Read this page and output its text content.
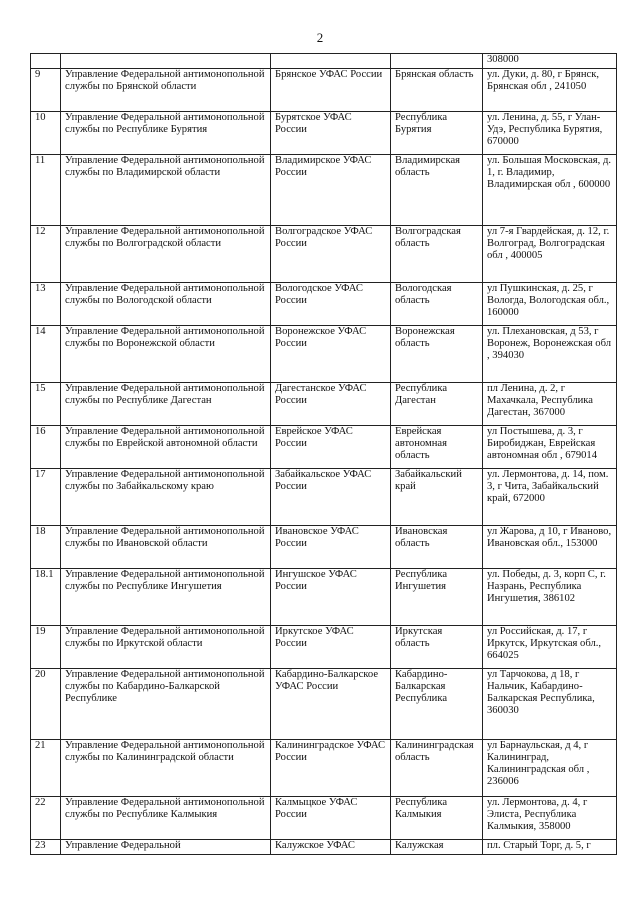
2
				308000
9	Управление Федеральной антимонопольной службы по Брянской области	Брянское УФАС России	Брянская область	ул. Дуки, д. 80, г Брянск, Брянская обл , 241050
10	Управление Федеральной антимонопольной службы по Республике Бурятия	Бурятское УФАС России	Республика Бурятия	ул. Ленина, д. 55, г Улан-Удэ, Республика Бурятия, 670000
11	Управление Федеральной антимонопольной службы по Владимирской области	Владимирское УФАС России	Владимирская область	ул. Большая Московская, д. 1, г. Владимир, Владимирская обл , 600000
12	Управление Федеральной антимонопольной службы по Волгоградской области	Волгоградское УФАС России	Волгоградская область	ул 7-я Гвардейская, д. 12, г. Волгоград, Волгоградская обл , 400005
13	Управление Федеральной антимонопольной службы по Вологодской области	Вологодское УФАС России	Вологодская область	ул Пушкинская, д. 25, г Вологда, Вологодская обл., 160000
14	Управление Федеральной антимонопольной службы по Воронежской области	Воронежское УФАС России	Воронежская область	ул. Плехановская, д 53, г Воронеж, Воронежская обл , 394030
15	Управление Федеральной антимонопольной службы по Республике Дагестан	Дагестанское УФАС России	Республика Дагестан	пл Ленина, д. 2, г Махачкала, Республика Дагестан, 367000
16	Управление Федеральной антимонопольной службы по Еврейской автономной области	Еврейское УФАС России	Еврейская автономная область	ул Постышева, д. 3, г Биробиджан, Еврейская автономная обл , 679014
17	Управление Федеральной антимонопольной службы по Забайкальскому краю	Забайкальское УФАС России	Забайкальский край	ул. Лермонтова, д. 14, пом. 3, г Чита, Забайкальский край, 672000
18	Управление Федеральной антимонопольной службы по Ивановской области	Ивановское УФАС России	Ивановская область	ул Жарова, д 10, г Иваново, Ивановская обл., 153000
18.1	Управление Федеральной антимонопольной службы по Республике Ингушетия	Ингушское УФАС России	Республика Ингушетия	ул. Победы, д. 3, корп С, г. Назрань, Республика Ингушетия, 386102
19	Управление Федеральной антимонопольной службы по Иркутской области	Иркутское УФАС России	Иркутская область	ул Российская, д. 17, г Иркутск, Иркутская обл., 664025
20	Управление Федеральной антимонопольной службы по Кабардино-Балкарской Республике	Кабардино-Балкарское УФАС России	Кабардино-Балкарская Республика	ул Тарчокова, д 18, г Нальчик, Кабардино-Балкарская Республика, 360030
21	Управление Федеральной антимонопольной службы по Калининградской области	Калининградское УФАС России	Калининградская область	ул Барнаульская, д 4, г Калининград, Калининградская обл , 236006
22	Управление Федеральной антимонопольной службы по Республике Калмыкия	Калмыцкое УФАС России	Республика Калмыкия	ул. Лермонтова, д. 4, г Элиста, Республика Калмыкия, 358000
23	Управление Федеральной	Калужское УФАС	Калужская	пл. Старый Торг, д. 5, г
